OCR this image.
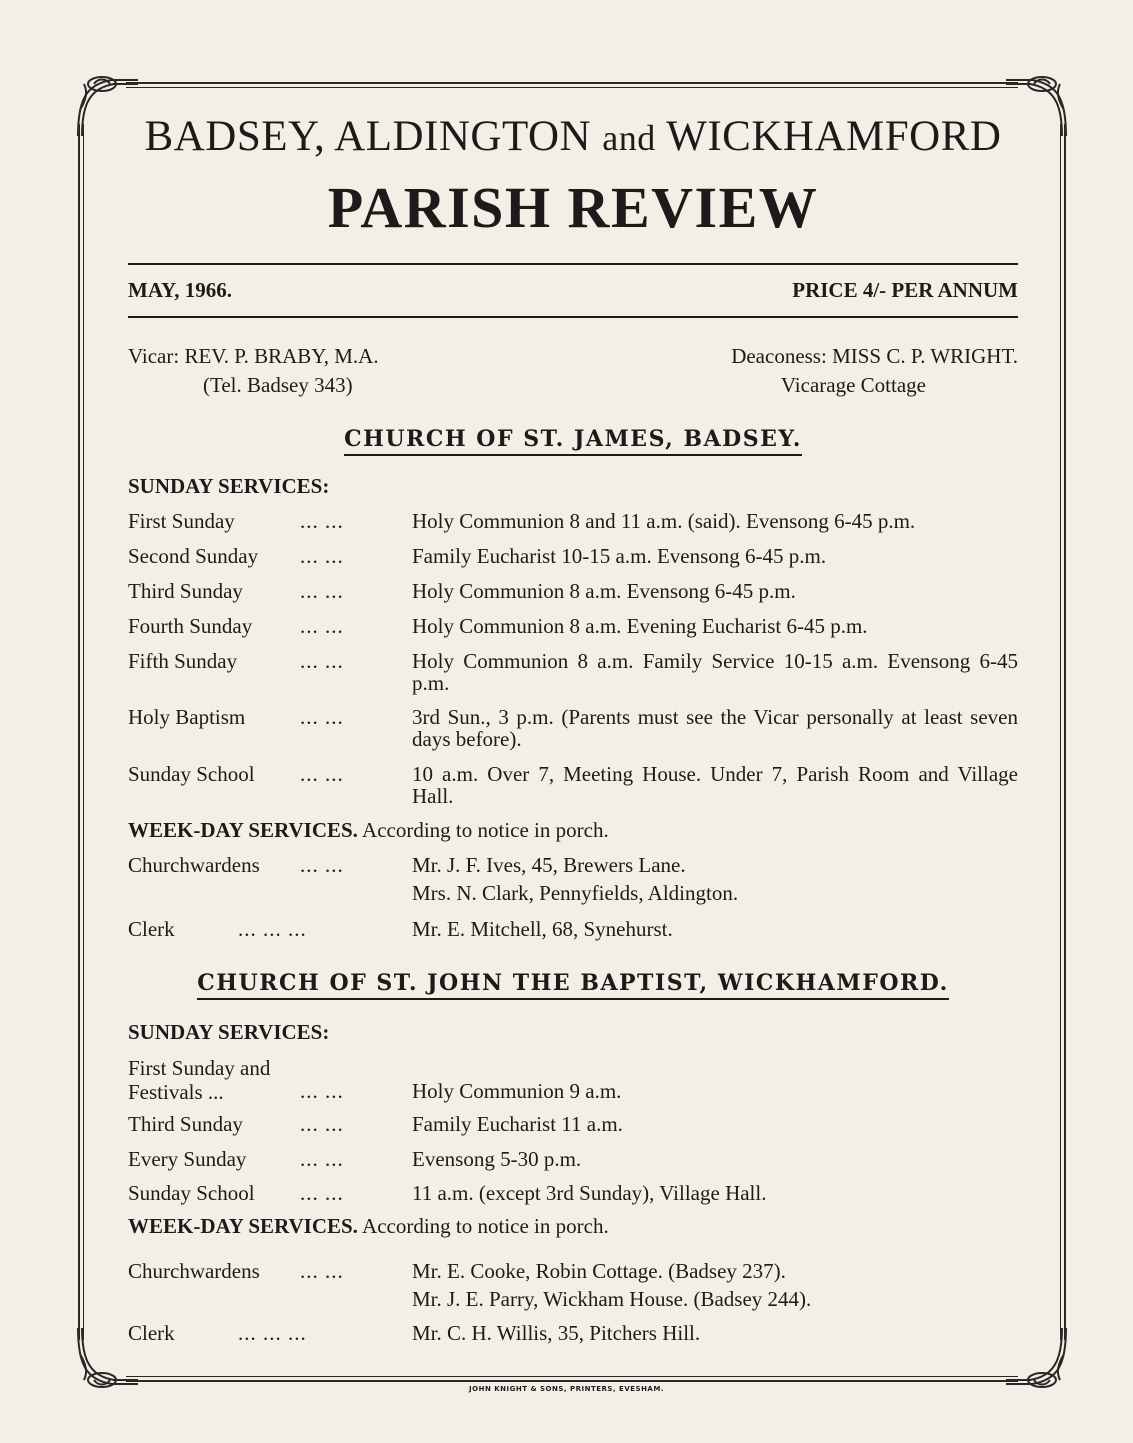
BADSEY, ALDINGTON and WICKHAMFORD
PARISH REVIEW
MAY, 1966.	PRICE 4/- PER ANNUM
Vicar: REV. P. BRABY, M.A.
(Tel. Badsey 343)
Deaconess: MISS C. P. WRIGHT.
Vicarage Cottage
CHURCH OF ST. JAMES, BADSEY.
SUNDAY SERVICES:
First Sunday	... ...	Holy Communion 8 and 11 a.m. (said). Evensong 6-45 p.m.
Second Sunday	... ...	Family Eucharist 10-15 a.m. Evensong 6-45 p.m.
Third Sunday	... ...	Holy Communion 8 a.m. Evensong 6-45 p.m.
Fourth Sunday	... ...	Holy Communion 8 a.m. Evening Eucharist 6-45 p.m.
Fifth Sunday	... ...	Holy Communion 8 a.m. Family Service 10-15 a.m. Evensong 6-45 p.m.
Holy Baptism	... ...	3rd Sun., 3 p.m. (Parents must see the Vicar personally at least seven days before).
Sunday School	... ...	10 a.m. Over 7, Meeting House. Under 7, Parish Room and Village Hall.
WEEK-DAY SERVICES. According to notice in porch.
Churchwardens	... ...	Mr. J. F. Ives, 45, Brewers Lane.
Mrs. N. Clark, Pennyfields, Aldington.
Clerk	... ... ...	Mr. E. Mitchell, 68, Synehurst.
CHURCH OF ST. JOHN THE BAPTIST, WICKHAMFORD.
SUNDAY SERVICES:
First Sunday and
Festivals ...	... ...	Holy Communion 9 a.m.
Third Sunday	... ...	Family Eucharist 11 a.m.
Every Sunday	... ...	Evensong 5-30 p.m.
Sunday School	... ...	11 a.m. (except 3rd Sunday), Village Hall.
WEEK-DAY SERVICES. According to notice in porch.
Churchwardens	... ...	Mr. E. Cooke, Robin Cottage. (Badsey 237).
Mr. J. E. Parry, Wickham House. (Badsey 244).
Clerk	... ... ...	Mr. C. H. Willis, 35, Pitchers Hill.
JOHN KNIGHT & SONS, PRINTERS, EVESHAM.
